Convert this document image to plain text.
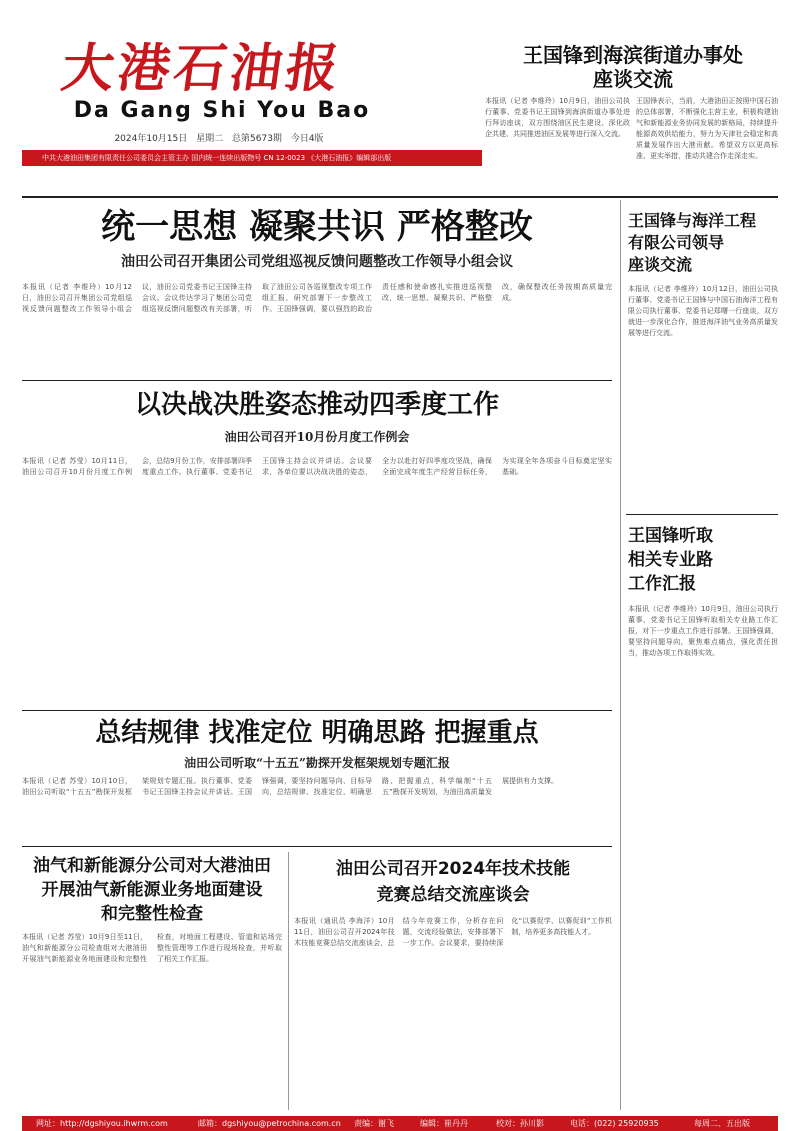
大港石油报
Da Gang Shi You Bao
2024年10月15日 星期二 总第5673期 今日4版
中共大港油田集团有限责任公司委员会主管主办 国内统一连续出版物号 CN 12-0023 《大港石油报》编辑部出版
王国锋到海滨街道办事处
座谈交流
本报讯（记者 李维玲）10月9日，油田公司执行董事、党委书记王国锋到海滨街道办事处进行拜访座谈，双方围绕油区民生建设、深化政企共建、共同推进油区发展等进行深入交流。
王国锋表示，当前，大港油田正按照中国石油的总体部署，不断强化主营主业，积极构建油气和新能源业务协同发展的新格局，持续提升能源高效供给能力，努力为天津社会稳定和高质量发展作出大港贡献。希望双方以更高标准、更实举措，推动共建合作走深走实。
统一思想 凝聚共识 严格整改
油田公司召开集团公司党组巡视反馈问题整改工作领导小组会议
本报讯（记者 李维玲）10月12日，油田公司召开集团公司党组巡视反馈问题整改工作领导小组会议，油田公司党委书记王国锋主持会议。会议传达学习了集团公司党组巡视反馈问题整改有关部署，听取了油田公司各巡视整改专项工作组汇报，研究部署下一步整改工作。王国锋强调，要以强烈的政治责任感和使命感扎实推进巡视整改，统一思想、凝聚共识、严格整改，确保整改任务按期高质量完成。
以决战决胜姿态推动四季度工作
油田公司召开10月份月度工作例会
本报讯（记者 苏莹）10月11日，油田公司召开10月份月度工作例会，总结9月份工作，安排部署四季度重点工作。执行董事、党委书记王国锋主持会议并讲话。会议要求，各单位要以决战决胜的姿态，全力以赴打好四季度攻坚战，确保全面完成年度生产经营目标任务，为实现全年各项奋斗目标奠定坚实基础。
总结规律 找准定位 明确思路 把握重点
油田公司听取“十五五”勘探开发框架规划专题汇报
本报讯（记者 苏莹）10月10日，油田公司听取“十五五”勘探开发框架规划专题汇报。执行董事、党委书记王国锋主持会议并讲话。王国锋强调，要坚持问题导向、目标导向，总结规律、找准定位、明确思路、把握重点，科学编制“十五五”勘探开发规划，为油田高质量发展提供有力支撑。
油气和新能源分公司对大港油田
开展油气新能源业务地面建设
和完整性检查
本报讯（记者 苏莹）10月9日至11日，油气和新能源分公司检查组对大港油田开展油气新能源业务地面建设和完整性检查，对地面工程建设、管道和站场完整性管理等工作进行现场检查，并听取了相关工作汇报。
油田公司召开2024年技术技能
竞赛总结交流座谈会
本报讯（通讯员 李海洋）10月11日，油田公司召开2024年技术技能竞赛总结交流座谈会，总结今年竞赛工作，分析存在问题，交流经验做法，安排部署下一步工作。会议要求，要持续深化“以赛促学、以赛促训”工作机制，培养更多高技能人才。
王国锋与海洋工程
有限公司领导
座谈交流
本报讯（记者 李维玲）10月12日，油田公司执行董事、党委书记王国锋与中国石油海洋工程有限公司执行董事、党委书记郑曙一行座谈，双方就进一步深化合作，推进海洋油气业务高质量发展等进行交流。
王国锋听取
相关专业路
工作汇报
本报讯（记者 李维玲）10月9日，油田公司执行董事、党委书记王国锋听取相关专业路工作汇报，对下一步重点工作进行部署。王国锋强调，要坚持问题导向，聚焦难点痛点，强化责任担当，推动各项工作取得实效。
网址：http://dgshiyou.ihwrm.com	邮箱：dgshiyou@petrochina.com.cn 责编：谢飞	编辑：崔丹丹	校对：孙川影	电话：(022) 25920935	每周二、五出版
